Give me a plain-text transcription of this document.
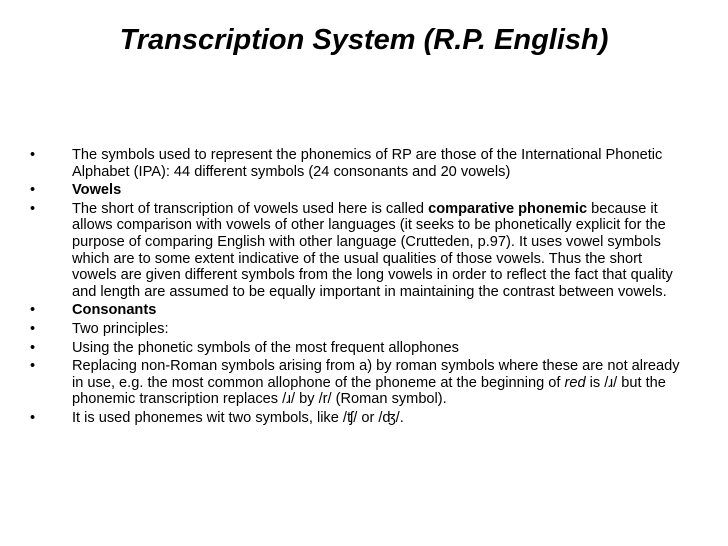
Transcription System (R.P. English)
•	The symbols used to represent the phonemics of RP are those of the International Phonetic Alphabet (IPA): 44 different symbols (24 consonants and 20 vowels)
•	Vowels
•	The short of transcription of vowels used here is called comparative phonemic because it allows comparison with vowels of other languages (it seeks to be phonetically explicit for the purpose of comparing English with other language (Crutteden, p.97). It uses vowel symbols which are to some extent indicative of the usual qualities of those vowels. Thus the short vowels are given different symbols from the long vowels in order to reflect the fact that quality and length are assumed to be equally important in maintaining the contrast between vowels.
•	Consonants
•	Two principles:
•	Using the phonetic symbols of the most frequent allophones
•	Replacing non-Roman symbols arising from a) by roman symbols where these are not already in use, e.g. the most common allophone of the phoneme at the beginning of red is /ɹ/ but the phonemic transcription replaces /ɹ/ by /r/ (Roman symbol).
•	It is used phonemes wit two symbols, like /ʧ/ or /ʤ/.
